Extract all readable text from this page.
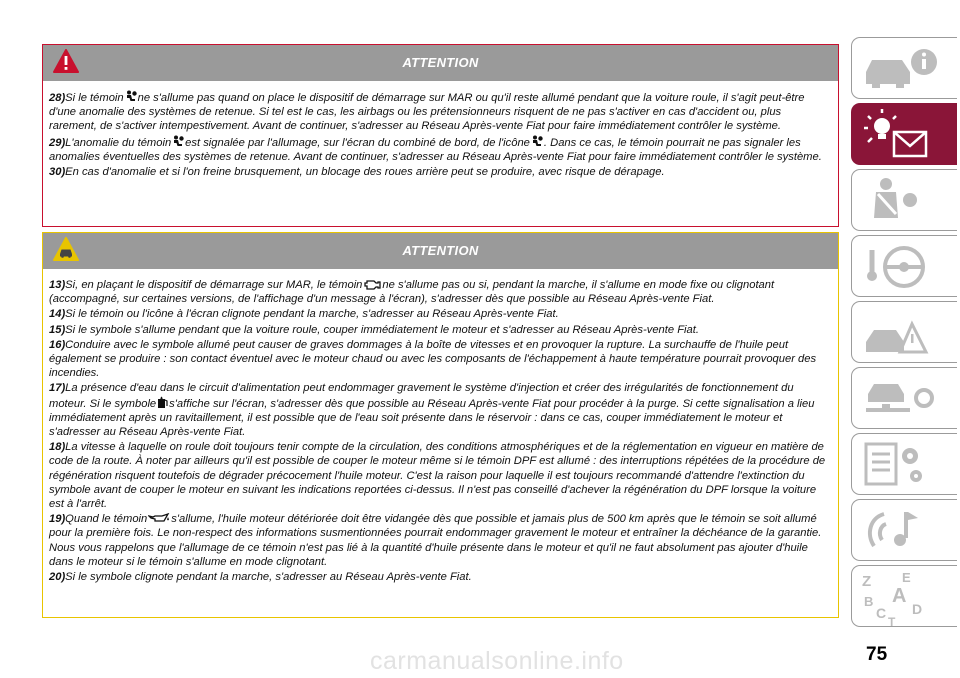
ATTENTION

28)Si le témoin ne s'allume pas quand on place le dispositif de démarrage sur MAR ou qu'il reste allumé pendant que la voiture roule, il s'agit peut-être d'une anomalie des systèmes de retenue. Si tel est le cas, les airbags ou les prétensionneurs risquent de ne pas s'activer en cas d'accident ou, plus rarement, de s'activer intempestivement. Avant de continuer, s'adresser au Réseau Après-vente Fiat pour faire immédiatement contrôler le système.

29)L'anomalie du témoin est signalée par l'allumage, sur l'écran du combiné de bord, de l'icône . Dans ce cas, le témoin pourrait ne pas signaler les anomalies éventuelles des systèmes de retenue. Avant de continuer, s'adresser au Réseau Après-vente Fiat pour faire immédiatement contrôler le système.

30)En cas d'anomalie et si l'on freine brusquement, un blocage des roues arrière peut se produire, avec risque de dérapage.

ATTENTION

13)Si, en plaçant le dispositif de démarrage sur MAR, le témoin ne s'allume pas ou si, pendant la marche, il s'allume en mode fixe ou clignotant (accompagné, sur certaines versions, de l'affichage d'un message à l'écran), s'adresser dès que possible au Réseau Après-vente Fiat.

14)Si le témoin ou l'icône à l'écran clignote pendant la marche, s'adresser au Réseau Après-vente Fiat.

15)Si le symbole s'allume pendant que la voiture roule, couper immédiatement le moteur et s'adresser au Réseau Après-vente Fiat.

16)Conduire avec le symbole allumé peut causer de graves dommages à la boîte de vitesses et en provoquer la rupture. La surchauffe de l'huile peut également se produire : son contact éventuel avec le moteur chaud ou avec les composants de l'échappement à haute température pourrait provoquer des incendies.

17)La présence d'eau dans le circuit d'alimentation peut endommager gravement le système d'injection et créer des irrégularités de fonctionnement du moteur. Si le symbole s'affiche sur l'écran, s'adresser dès que possible au Réseau Après-vente Fiat pour procéder à la purge. Si cette signalisation a lieu immédiatement après un ravitaillement, il est possible que de l'eau soit présente dans le réservoir : dans ce cas, couper immédiatement le moteur et s'adresser au Réseau Après-vente Fiat.

18)La vitesse à laquelle on roule doit toujours tenir compte de la circulation, des conditions atmosphériques et de la réglementation en vigueur en matière de code de la route. À noter par ailleurs qu'il est possible de couper le moteur même si le témoin DPF est allumé : des interruptions répétées de la procédure de régénération risquent toutefois de dégrader précocement l'huile moteur. C'est la raison pour laquelle il est toujours recommandé d'attendre l'extinction du symbole avant de couper le moteur en suivant les indications reportées ci-dessus. Il n'est pas conseillé d'achever la régénération du DPF lorsque la voiture est à l'arrêt.

19)Quand le témoin s'allume, l'huile moteur détériorée doit être vidangée dès que possible et jamais plus de 500 km après que le témoin se soit allumé pour la première fois. Le non-respect des informations susmentionnées pourrait endommager gravement le moteur et entraîner la déchéance de la garantie. Nous vous rappelons que l'allumage de ce témoin n'est pas lié à la quantité d'huile présente dans le moteur et qu'il ne faut absolument pas ajouter d'huile dans le moteur si le témoin s'allume en mode clignotant.

20)Si le symbole clignote pendant la marche, s'adresser au Réseau Après-vente Fiat.	Z E
B A
C
T
D
carmanualsonline.info	75
